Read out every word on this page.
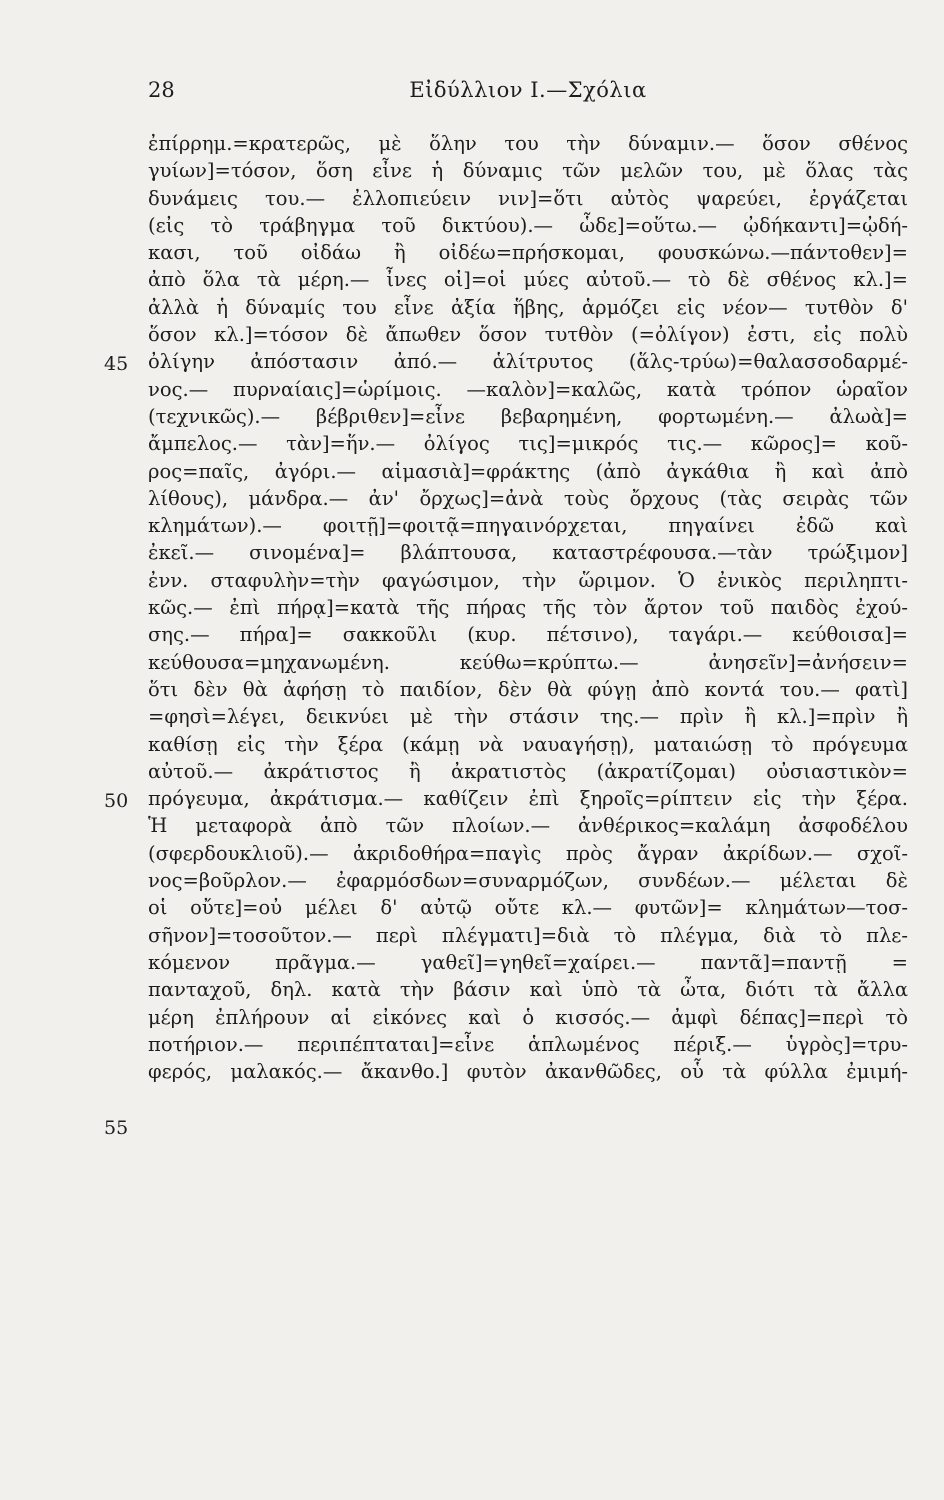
28	Εἰδύλλιον Ι.—Σχόλια
45
50
55
ἐπίρρημ.=κρατερῶς, μὲ ὅλην του τὴν δύναμιν.— ὅσον σθένος
γυίων]=τόσον, ὅση εἶνε ἡ δύναμις τῶν μελῶν του, μὲ ὅλας τὰς
δυνάμεις του.— ἐλλοπιεύειν νιν]=ὅτι αὐτὸς ψαρεύει, ἐργάζεται
(εἰς τὸ τράβηγμα τοῦ δικτύου).— ὧδε]=οὕτω.— ᾠδήκαντι]=ᾠδή-
κασι, τοῦ οἰδάω ἢ οἰδέω=πρήσκομαι, φουσκώνω.—πάντοθεν]=
ἀπὸ ὅλα τὰ μέρη.— ἶνες οἱ]=οἱ μύες αὐτοῦ.— τὸ δὲ σθένος κλ.]=
ἀλλὰ ἡ δύναμίς του εἶνε ἀξία ἥβης, ἁρμόζει εἰς νέον— τυτθὸν δ'
ὅσον κλ.]=τόσον δὲ ἄπωθεν ὅσον τυτθὸν (=ὀλίγον) ἐστι, εἰς πολὺ
ὀλίγην ἀπόστασιν ἀπό.— ἁλίτρυτος (ἅλς-τρύω)=θαλασσοδαρμέ-
νος.— πυρναίαις]=ὡρίμοις. —καλὸν]=καλῶς, κατὰ τρόπον ὡραῖον
(τεχνικῶς).— βέβριθεν]=εἶνε βεβαρημένη, φορτωμένη.— ἀλωὰ]=
ἄμπελος.— τὰν]=ἥν.— ὀλίγος τις]=μικρός τις.— κῶρος]= κοῦ-
ρος=παῖς, ἀγόρι.— αἱμασιὰ]=φράκτης (ἀπὸ ἀγκάθια ἢ καὶ ἀπὸ
λίθους), μάνδρα.— ἀν' ὄρχως]=ἀνὰ τοὺς ὄρχους (τὰς σειρὰς τῶν
κλημάτων).— φοιτῇ]=φοιτᾷ=πηγαινόρχεται, πηγαίνει ἐδῶ καὶ
ἐκεῖ.— σινομένα]= βλάπτουσα, καταστρέφουσα.—τὰν τρώξιμον]
ἐνν. σταφυλὴν=τὴν φαγώσιμον, τὴν ὥριμον. Ὁ ἐνικὸς περιληπτι-
κῶς.— ἐπὶ πήρᾳ]=κατὰ τῆς πήρας τῆς τὸν ἄρτον τοῦ παιδὸς ἐχού-
σης.— πήρα]= σακκοῦλι (κυρ. πέτσινο), ταγάρι.— κεύθοισα]=
κεύθουσα=μηχανωμένη. κεύθω=κρύπτω.— ἀνησεῖν]=ἀνήσειν=
ὅτι δὲν θὰ ἀφήσῃ τὸ παιδίον, δὲν θὰ φύγῃ ἀπὸ κοντά του.— φατὶ]
=φησὶ=λέγει, δεικνύει μὲ τὴν στάσιν της.— πρὶν ἢ κλ.]=πρὶν ἢ
καθίσῃ εἰς τὴν ξέρα (κάμῃ νὰ ναυαγήσῃ), ματαιώσῃ τὸ πρόγευμα
αὐτοῦ.— ἀκράτιστος ἢ ἀκρατιστὸς (ἀκρατίζομαι) οὐσιαστικὸν=
πρόγευμα, ἀκράτισμα.— καθίζειν ἐπὶ ξηροῖς=ρίπτειν εἰς τὴν ξέρα.
Ἡ μεταφορὰ ἀπὸ τῶν πλοίων.— ἀνθέρικος=καλάμη ἀσφοδέλου
(σφερδουκλιοῦ).— ἀκριδοθήρα=παγὶς πρὸς ἄγραν ἀκρίδων.— σχοῖ-
νος=βοῦρλον.— ἐφαρμόσδων=συναρμόζων, συνδέων.— μέλεται δὲ
οἱ οὔτε]=οὐ μέλει δ' αὐτῷ οὔτε κλ.— φυτῶν]= κλημάτων—τοσ-
σῆνον]=τοσοῦτον.— περὶ πλέγματι]=διὰ τὸ πλέγμα, διὰ τὸ πλε-
κόμενον πρᾶγμα.— γαθεῖ]=γηθεῖ=χαίρει.— παντᾶ]=παντῇ =
πανταχοῦ, δηλ. κατὰ τὴν βάσιν καὶ ὑπὸ τὰ ὦτα, διότι τὰ ἄλλα
μέρη ἐπλήρουν αἱ εἰκόνες καὶ ὁ κισσός.— ἀμφὶ δέπας]=περὶ τὸ
ποτήριον.— περιπέπταται]=εἶνε ἁπλωμένος πέριξ.— ὑγρὸς]=τρυ-
φερός, μαλακός.— ἄκανθο.] φυτὸν ἀκανθῶδες, οὗ τὰ φύλλα ἐμιμή-
